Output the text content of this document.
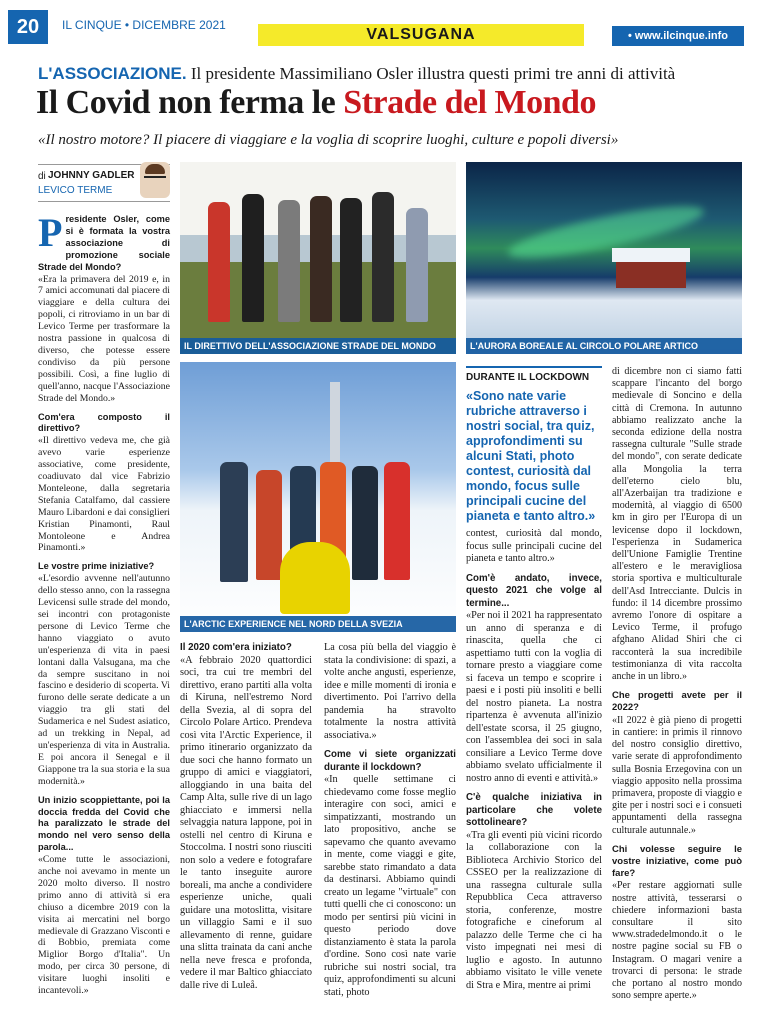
20	IL CINQUE • DICEMBRE 2021
VALSUGANA	• www.ilcinque.info
L'ASSOCIAZIONE. Il presidente Massimiliano Osler illustra questi primi tre anni di attività
Il Covid non ferma le Strade del Mondo
«Il nostro motore? Il piacere di viaggiare e la voglia di scoprire luoghi, culture e popoli diversi»
di JOHNNY GADLER
LEVICO TERME
IL DIRETTIVO DELL'ASSOCIAZIONE STRADE DEL MONDO	L'AURORA BOREALE AL CIRCOLO POLARE ARTICO
L'ARCTIC EXPERIENCE NEL NORD DELLA SVEZIA
DURANTE IL LOCKDOWN
«Sono nate varie rubriche attraverso i nostri social, tra quiz, approfondimenti su alcuni Stati, photo contest, curiosità dal mondo, focus sulle principali cucine del pianeta e tanto altro.»

Presidente Osler, come si è formata la vostra associazione di promozione sociale Strade del Mondo?
«Era la primavera del 2019 e, in 7 amici accomunati dal piacere di viaggiare e della cultura dei popoli, ci ritroviamo in un bar di Levico Terme per trasformare la nostra passione in qualcosa di diverso, che potesse essere condiviso da più persone possibili. Così, a fine luglio di quell'anno, nacque l'Associazione Strade del Mondo.»

Com'era composto il direttivo?
«Il direttivo vedeva me, che già avevo varie esperienze associative, come presidente, coadiuvato dal vice Fabrizio Monteleone, dalla segretaria Stefania Catalfamo, dal cassiere Mauro Libardoni e dai consiglieri Kristian Pinamonti, Raul Montoleone e Andrea Pinamonti.»

Le vostre prime iniziative?
«L'esordio avvenne nell'autunno dello stesso anno, con la rassegna Levicensi sulle strade del mondo, sei incontri con protagoniste persone di Levico Terme che hanno viaggiato o avuto un'esperienza di vita in paesi lontani dalla Valsugana, ma che da sempre suscitano in noi fascino e desiderio di scoperta. Vi furono delle serate dedicate a un viaggio tra gli stati del Sudamerica e nel Sudest asiatico, ad un trekking in Nepal, ad un'esperienza di vita in Australia. E poi ancora il Senegal e il Giappone tra la sua storia e la sua modernità.»

Un inizio scoppiettante, poi la doccia fredda del Covid che ha paralizzato le strade del mondo nel vero senso della parola...
«Come tutte le associazioni, anche noi avevamo in mente un 2020 molto diverso. Il nostro primo anno di attività si era chiuso a dicembre 2019 con la visita ai mercatini nel borgo medievale di Grazzano Visconti e di Bobbio, premiata come Miglior Borgo d'Italia". Un modo, per circa 30 persone, di visitare luoghi insoliti e incantevoli.»

Il 2020 com'era iniziato?
«A febbraio 2020 quattordici soci, tra cui tre membri del direttivo, erano partiti alla volta di Kiruna, nell'estremo Nord della Svezia, al di sopra del Circolo Polare Artico. Prendeva così vita l'Arctic Experience, il primo itinerario organizzato da due soci che hanno formato un gruppo di amici e viaggiatori, alloggiando in una baita del Camp Alta, sulle rive di un lago ghiacciato e immersi nella selvaggia natura lappone, poi in ostelli nel centro di Kiruna e Stoccolma. I nostri sono riusciti non solo a vedere e fotografare le tanto inseguite aurore boreali, ma anche a condividere esperienze uniche, quali guidare una motoslitta, visitare un villaggio Sami e il suo allevamento di renne, guidare una slitta trainata da cani anche nella neve fresca e profonda, vedere il mar Baltico ghiacciato dalle rive di Luleå.

La cosa più bella del viaggio è stata la condivisione: di spazi, a volte anche angusti, esperienze, idee e mille momenti di ironia e divertimento. Poi l'arrivo della pandemia ha stravolto totalmente la nostra attività associativa.»

Come vi siete organizzati durante il lockdown?
«In quelle settimane ci chiedevamo come fosse meglio interagire con soci, amici e simpatizzanti, mostrando un lato propositivo, anche se sapevamo che quanto avevamo in mente, come viaggi e gite, sarebbe stato rimandato a data da destinarsi. Abbiamo quindi creato un legame "virtuale" con tutti quelli che ci conoscono: un modo per sentirsi più vicini in questo periodo dove distanziamento è stata la parola d'ordine. Sono così nate varie rubriche sui nostri social, tra quiz, approfondimenti su alcuni stati, photo

contest, curiosità dal mondo, focus sulle principali cucine del pianeta e tanto altro.»

Com'è andato, invece, questo 2021 che volge al termine...
«Per noi il 2021 ha rappresentato un anno di speranza e di rinascita, quella che ci aspettiamo tutti con la voglia di tornare presto a viaggiare come si faceva un tempo e scoprire i paesi e i posti più insoliti e belli del nostro pianeta. La nostra ripartenza è avvenuta all'inizio dell'estate scorsa, il 25 giugno, con l'assemblea dei soci in sala consiliare a Levico Terme dove abbiamo svelato ufficialmente il nostro anno di eventi e attività.»

C'è qualche iniziativa in particolare che volete sottolineare?
«Tra gli eventi più vicini ricordo la collaborazione con la Biblioteca Archivio Storico del CSSEO per la realizzazione di una rassegna culturale sulla Repubblica Ceca attraverso storia, conferenze, mostre fotografiche e cineforum al palazzo delle Terme che ci ha visto impegnati nei mesi di luglio e agosto. In autunno abbiamo visitato le ville venete di Stra e Mira, mentre ai primi

di dicembre non ci siamo fatti scappare l'incanto del borgo medievale di Soncino e della città di Cremona. In autunno abbiamo realizzato anche la seconda edizione della nostra rassegna culturale "Sulle strade del mondo", con serate dedicate alla Mongolia la terra dell'eterno cielo blu, all'Azerbaijan tra tradizione e modernità, al viaggio di 6500 km in giro per l'Europa di un levicense dopo il lockdown, l'esperienza in Sudamerica dell'Unione Famiglie Trentine all'estero e le meravigliosa storia sportiva e multiculturale dell'Asd Intrecciante. Dulcis in fundo: il 14 dicembre prossimo avremo l'onore di ospitare a Levico Terme, il profugo afghano Alidad Shiri che ci racconterà la sua incredibile testimonianza di vita raccolta anche in un libro.»

Che progetti avete per il 2022?
«Il 2022 è già pieno di progetti in cantiere: in primis il rinnovo del nostro consiglio direttivo, varie serate di approfondimento sulla Bosnia Erzegovina con un viaggio apposito nella prossima primavera, proposte di viaggio e gite per i nostri soci e i consueti appuntamenti della rassegna culturale autunnale.»

Chi volesse seguire le vostre iniziative, come può fare?
«Per restare aggiornati sulle nostre attività, tesserarsi o chiedere informazioni basta consultare il sito www.stradedelmondo.it o le nostre pagine social su FB o Instagram. O magari venire a trovarci di persona: le strade che portano al nostro mondo sono sempre aperte.»
